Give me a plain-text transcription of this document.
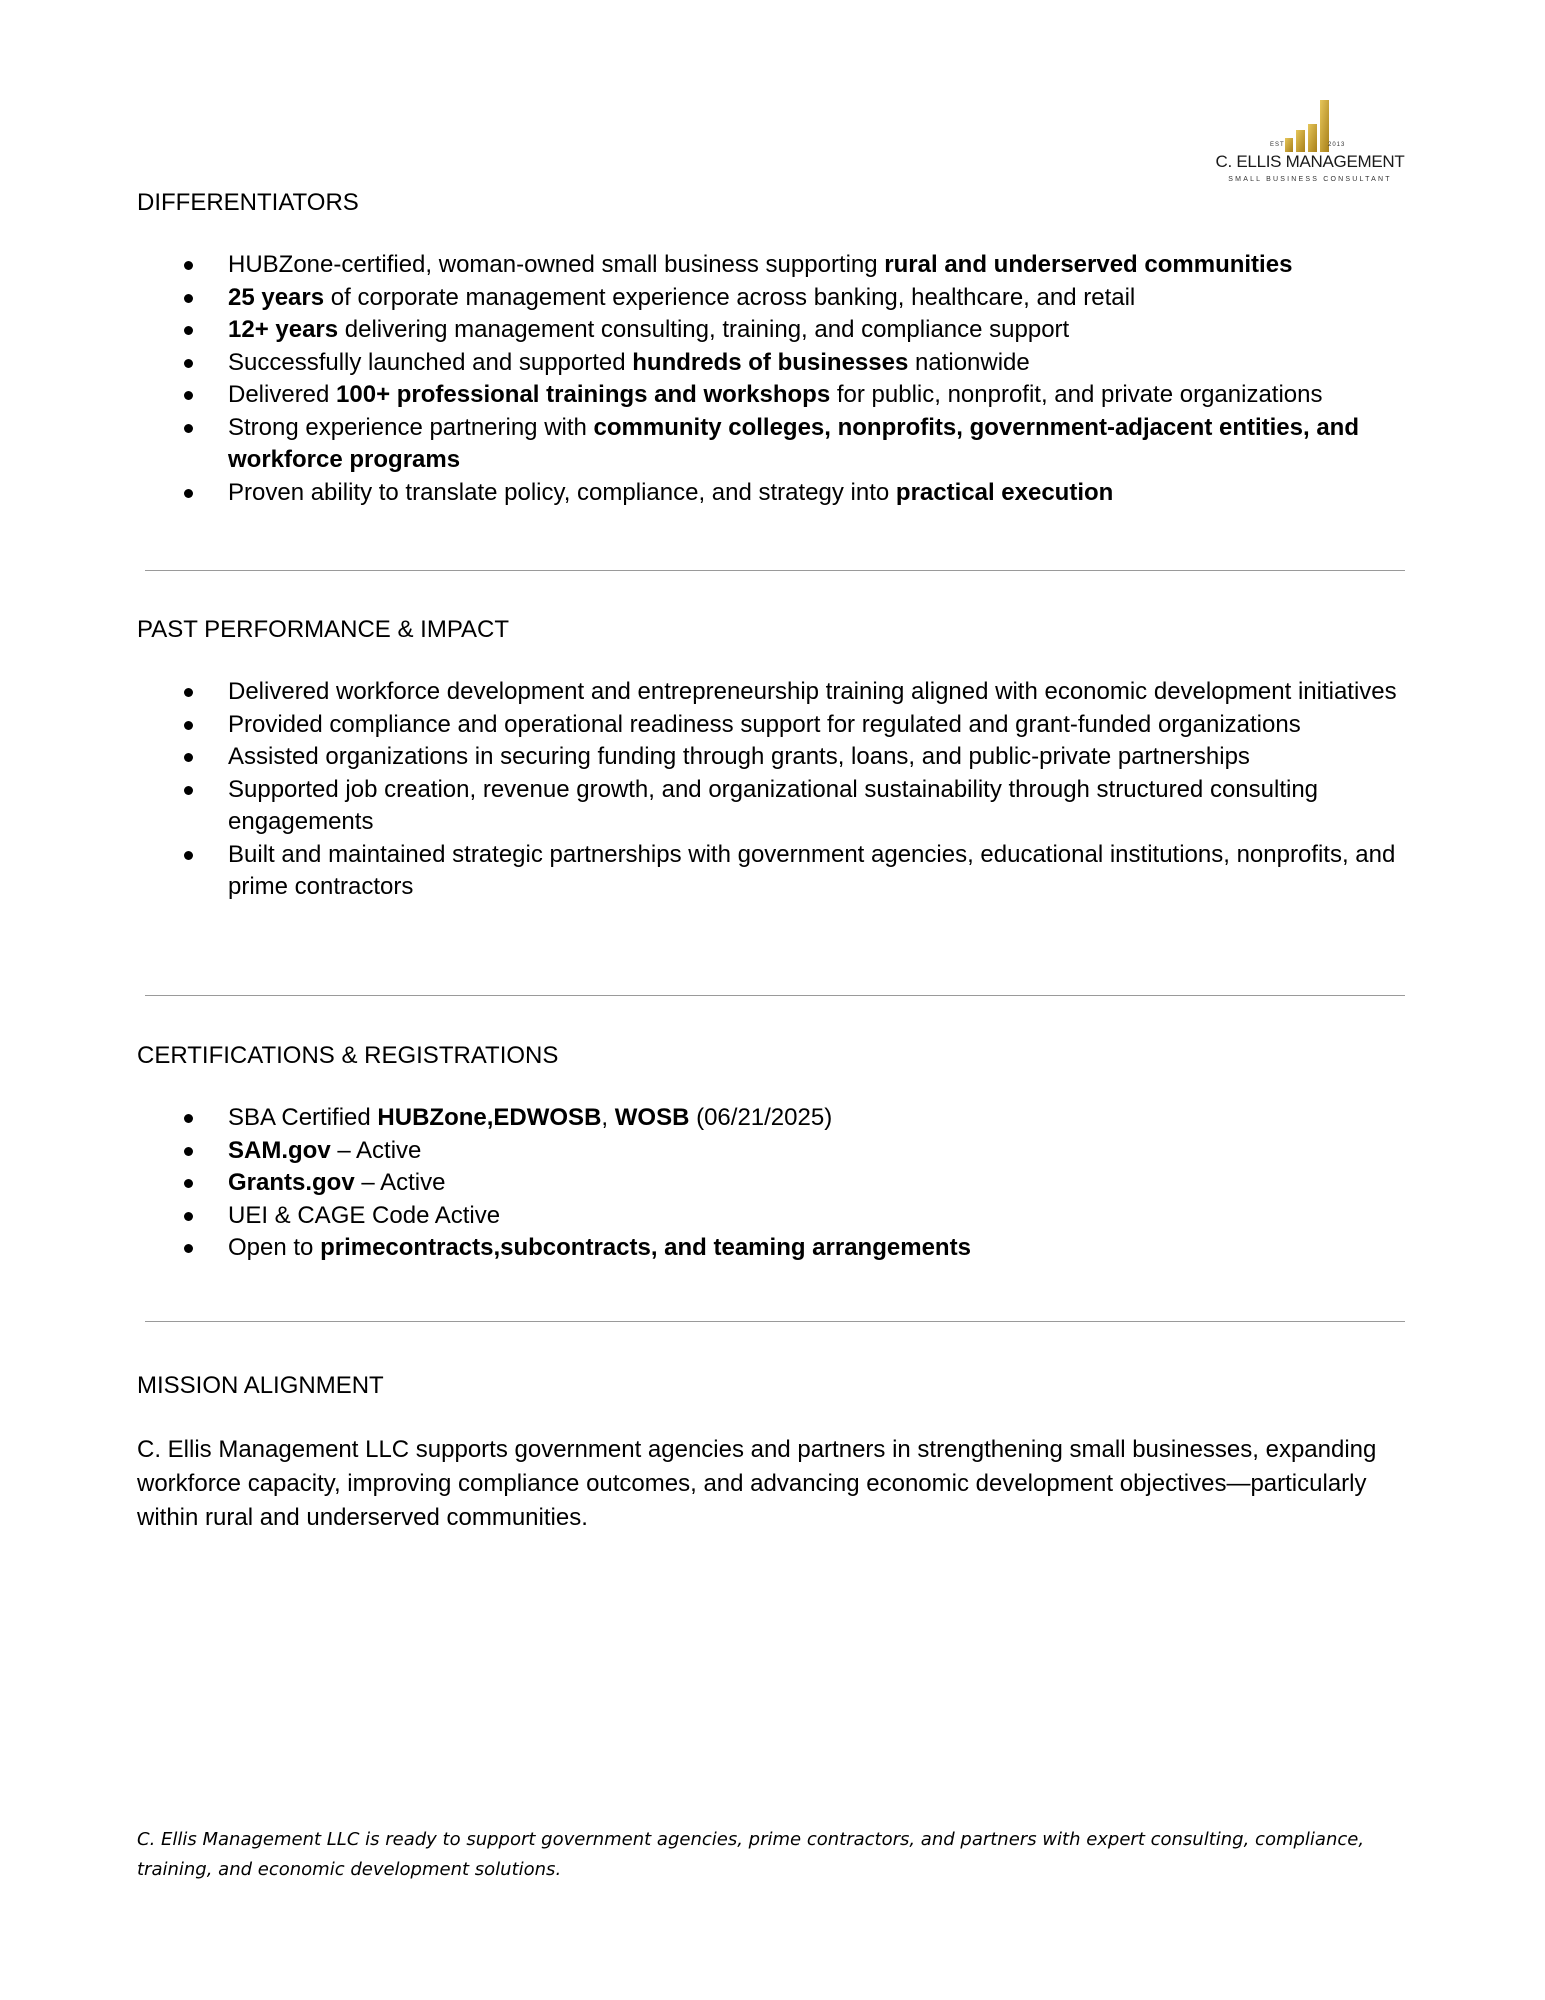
EST	2013
C. ELLIS MANAGEMENT
SMALL BUSINESS CONSULTANT
DIFFERENTIATORS
HUBZone-certified, woman-owned small business supporting rural and underserved communities
25 years of corporate management experience across banking, healthcare, and retail
12+ years delivering management consulting, training, and compliance support
Successfully launched and supported hundreds of businesses nationwide
Delivered 100+ professional trainings and workshops for public, nonprofit, and private organizations
Strong experience partnering with community colleges, nonprofits, government-adjacent entities, and workforce programs
Proven ability to translate policy, compliance, and strategy into practical execution
PAST PERFORMANCE & IMPACT
Delivered workforce development and entrepreneurship training aligned with economic development initiatives
Provided compliance and operational readiness support for regulated and grant-funded organizations
Assisted organizations in securing funding through grants, loans, and public-private partnerships
Supported job creation, revenue growth, and organizational sustainability through structured consulting engagements
Built and maintained strategic partnerships with government agencies, educational institutions, nonprofits, and prime contractors
CERTIFICATIONS & REGISTRATIONS
SBA Certified HUBZone,EDWOSB, WOSB (06/21/2025)
SAM.gov – Active
Grants.gov – Active
UEI & CAGE Code Active
Open to primecontracts,subcontracts, and teaming arrangements
MISSION ALIGNMENT

C. Ellis Management LLC supports government agencies and partners in strengthening small businesses, expanding workforce capacity, improving compliance outcomes, and advancing economic development objectives—particularly within rural and underserved communities.

C. Ellis Management LLC is ready to support government agencies, prime contractors, and partners with expert consulting, compliance, training, and economic development solutions.
